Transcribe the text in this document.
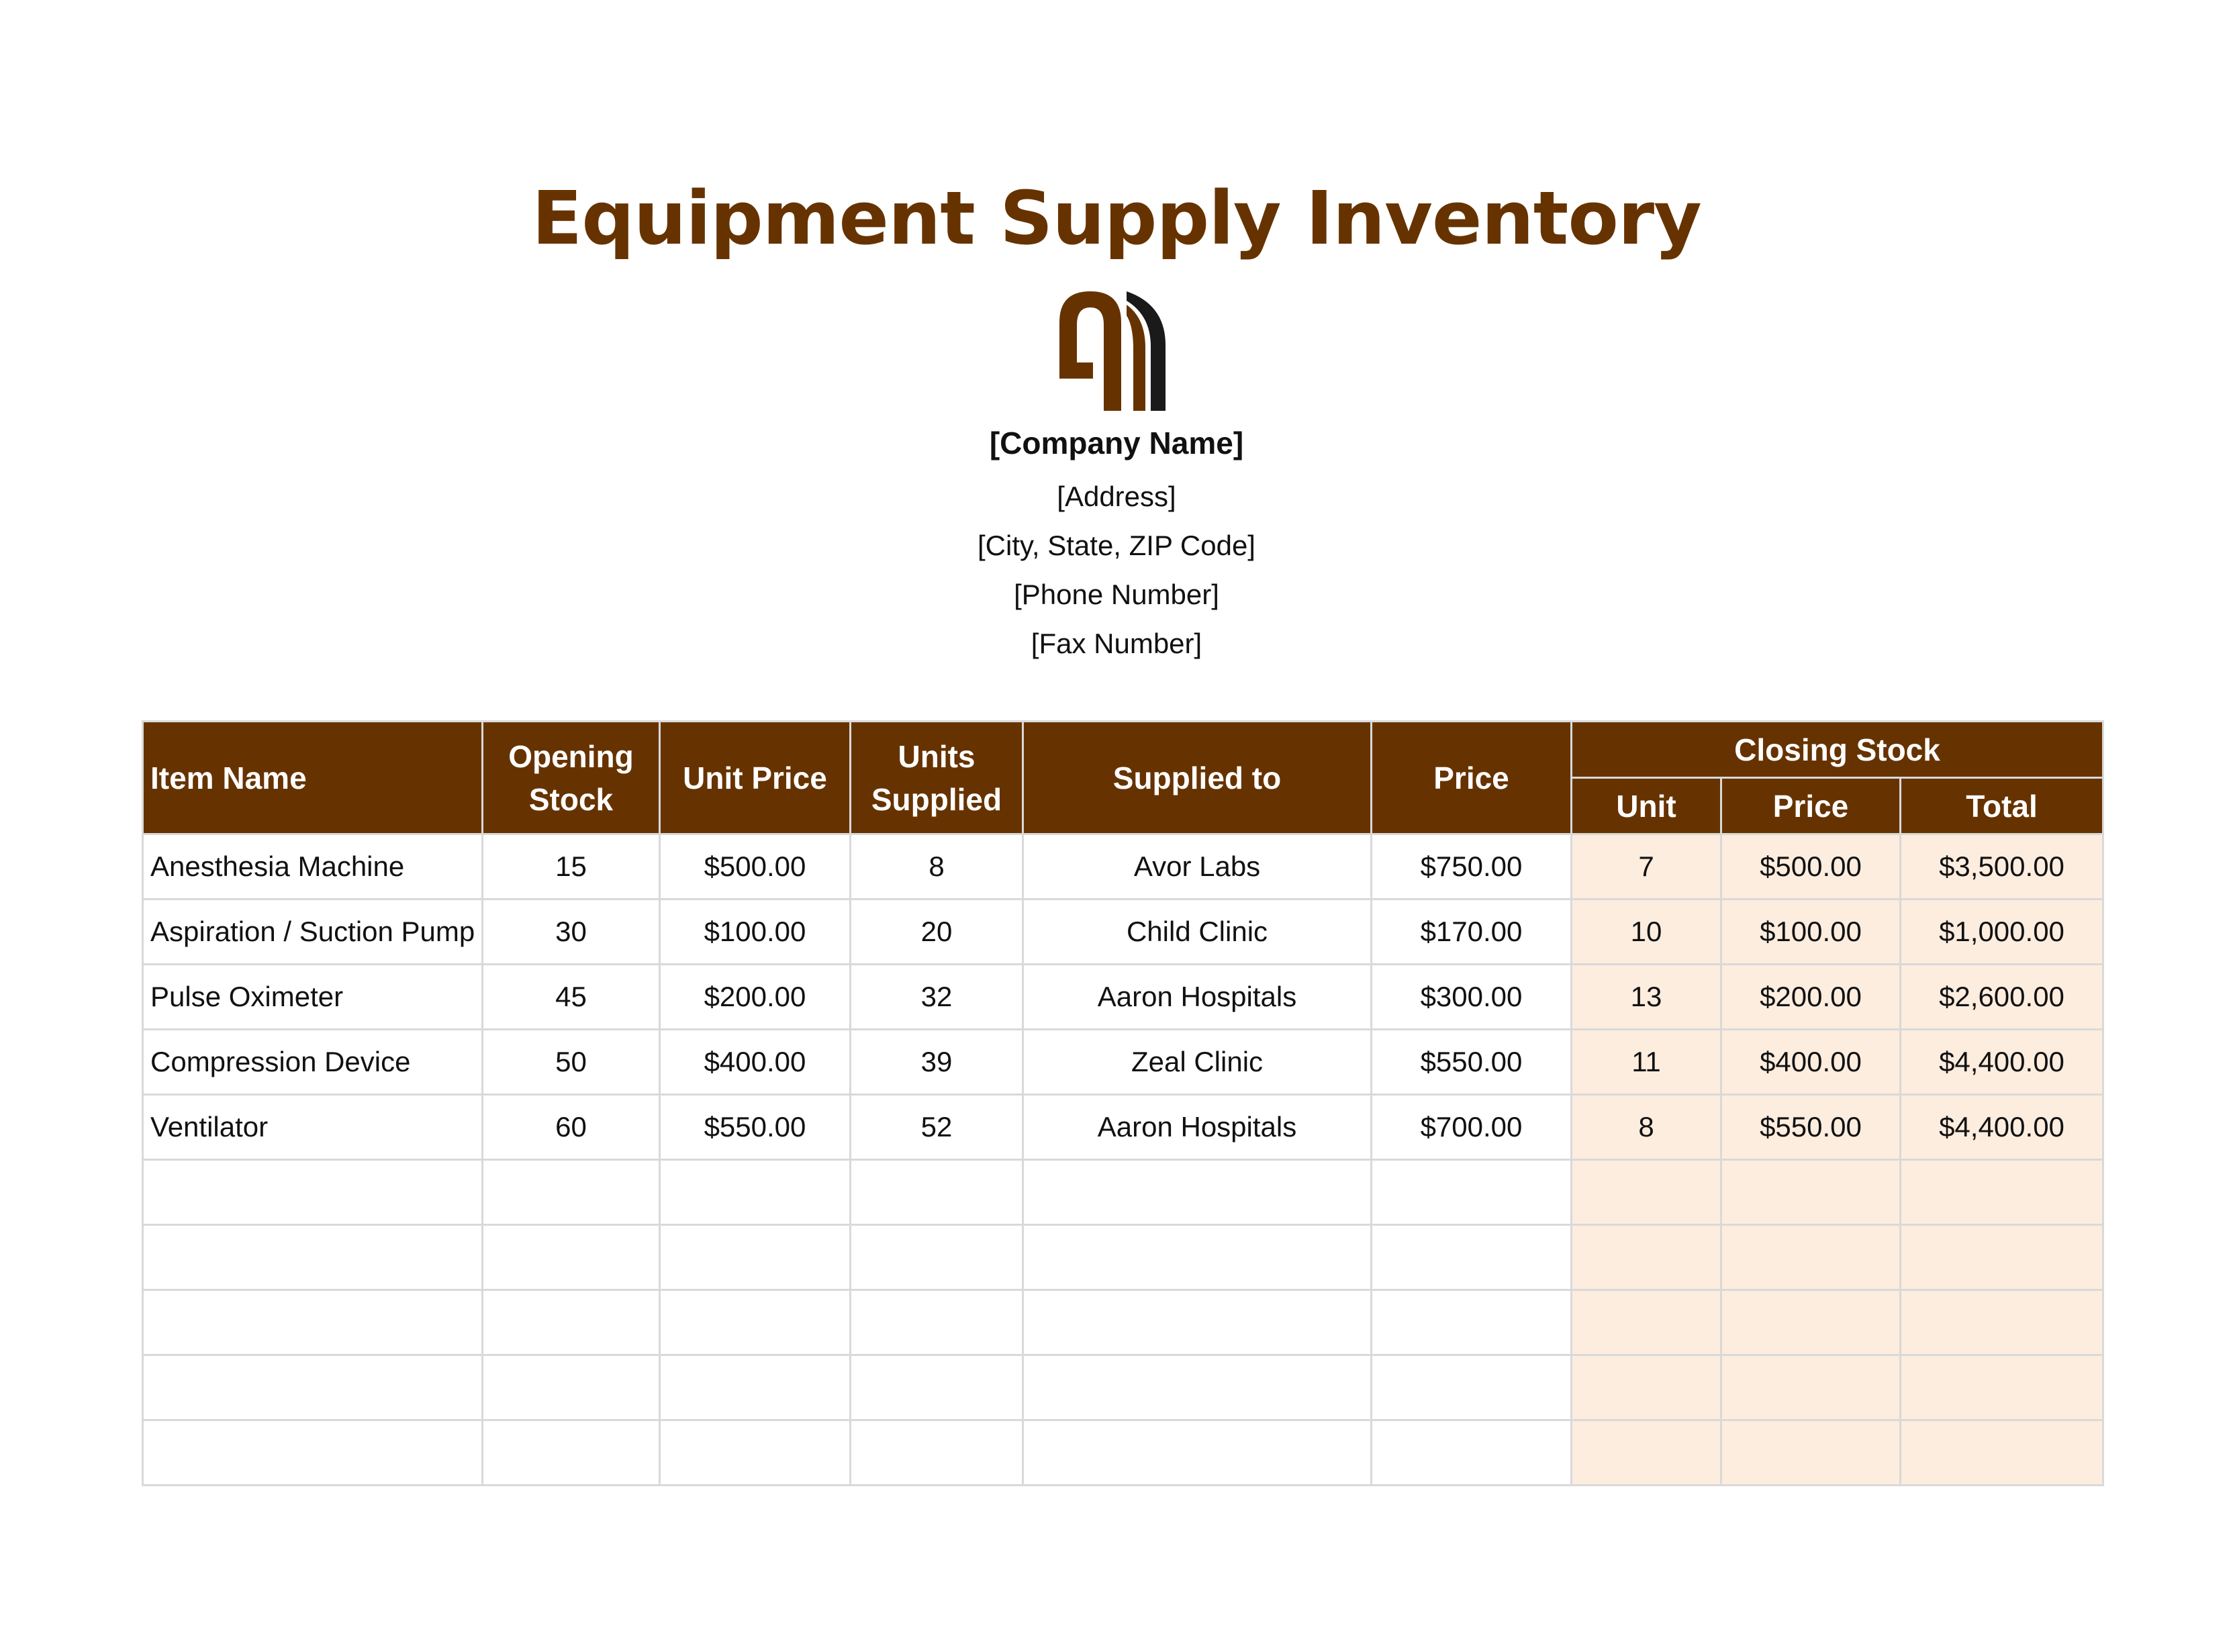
Equipment Supply Inventory
[Company Name]
[Address]
[City, State, ZIP Code]
[Phone Number]
[Fax Number]
Item Name	Opening Stock	Unit Price	Units Supplied	Supplied to	Price	Closing Stock		
						Unit	Price	Total
Anesthesia Machine	15	$500.00	8	Avor Labs	$750.00	7	$500.00	$3,500.00
Aspiration / Suction Pump	30	$100.00	20	Child Clinic	$170.00	10	$100.00	$1,000.00
Pulse Oximeter	45	$200.00	32	Aaron Hospitals	$300.00	13	$200.00	$2,600.00
Compression Device	50	$400.00	39	Zeal Clinic	$550.00	11	$400.00	$4,400.00
Ventilator	60	$550.00	52	Aaron Hospitals	$700.00	8	$550.00	$4,400.00
